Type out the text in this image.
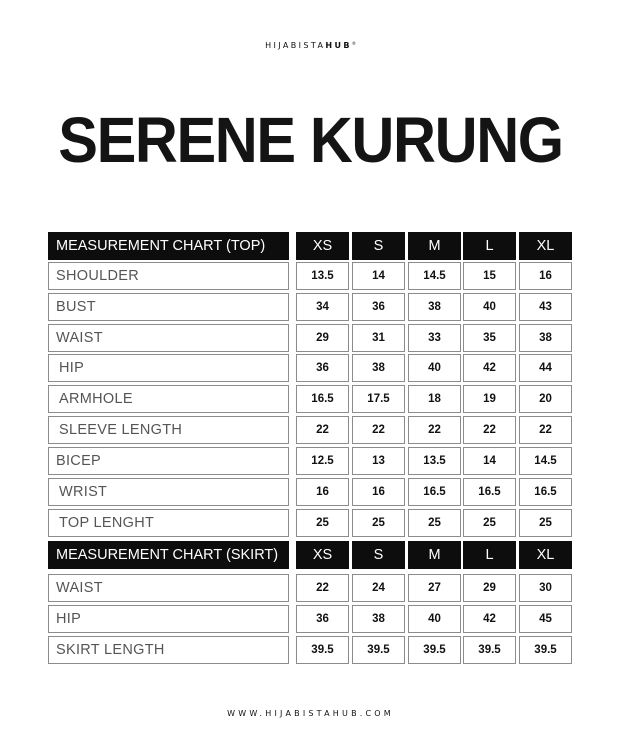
HIJABISTAHUB®
SERENE KURUNG
MEASUREMENT CHART (TOP)	XS	S	M	L	XL
SHOULDER	13.5	14	14.5	15	16
BUST	34	36	38	40	43
WAIST	29	31	33	35	38
HIP	36	38	40	42	44
ARMHOLE	16.5	17.5	18	19	20
SLEEVE LENGTH	22	22	22	22	22
BICEP	12.5	13	13.5	14	14.5
WRIST	16	16	16.5	16.5	16.5
TOP LENGHT	25	25	25	25	25
MEASUREMENT CHART (SKIRT)	XS	S	M	L	XL
WAIST	22	24	27	29	30
HIP	36	38	40	42	45
SKIRT LENGTH	39.5	39.5	39.5	39.5	39.5
WWW.HIJABISTAHUB.COM
